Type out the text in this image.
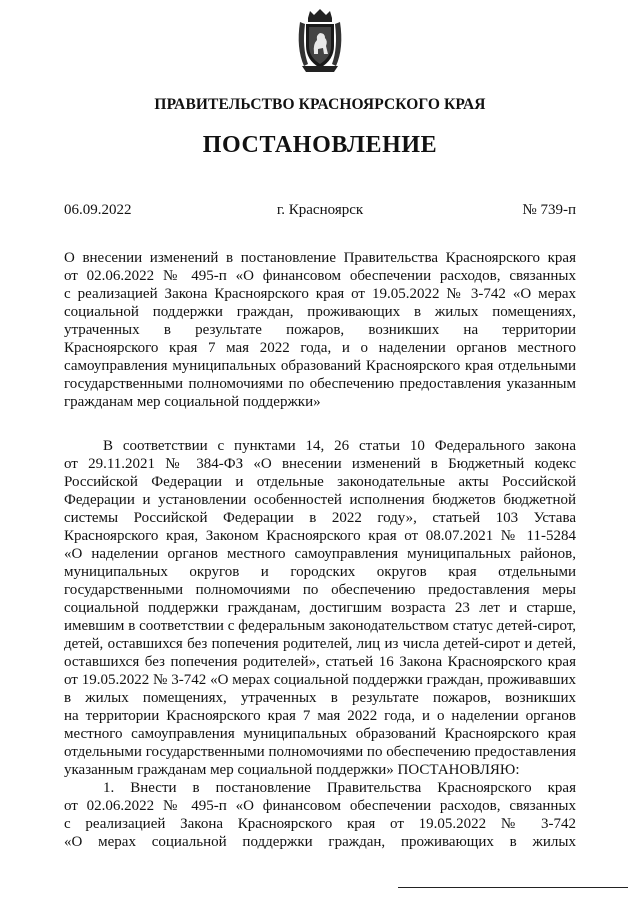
ПРАВИТЕЛЬСТВО КРАСНОЯРСКОГО КРАЯ
ПОСТАНОВЛЕНИЕ
06.09.2022	г. Красноярск	№ 739-п
О внесении изменений в постановление Правительства Красноярского края
от 02.06.2022 № 495-п «О финансовом обеспечении расходов, связанных
с реализацией Закона Красноярского края от 19.05.2022 № 3-742 «О мерах
социальной поддержки граждан, проживающих в жилых помещениях,
утраченных в результате пожаров, возникших на территории
Красноярского края 7 мая 2022 года, и о наделении органов местного
самоуправления муниципальных образований Красноярского края отдельными
государственными полномочиями по обеспечению предоставления указанным
гражданам мер социальной поддержки»
В соответствии с пунктами 14, 26 статьи 10 Федерального закона
от 29.11.2021 № 384-ФЗ «О внесении изменений в Бюджетный кодекс
Российской Федерации и отдельные законодательные акты Российской
Федерации и установлении особенностей исполнения бюджетов бюджетной
системы Российской Федерации в 2022 году», статьей 103 Устава
Красноярского края, Законом Красноярского края от 08.07.2021 № 11-5284
«О наделении органов местного самоуправления муниципальных районов,
муниципальных округов и городских округов края отдельными
государственными полномочиями по обеспечению предоставления меры
социальной поддержки гражданам, достигшим возраста 23 лет и старше,
имевшим в соответствии с федеральным законодательством статус детей-сирот,
детей, оставшихся без попечения родителей, лиц из числа детей-сирот и детей,
оставшихся без попечения родителей», статьей 16 Закона Красноярского края
от 19.05.2022 № 3-742 «О мерах социальной поддержки граждан, проживавших
в жилых помещениях, утраченных в результате пожаров, возникших
на территории Красноярского края 7 мая 2022 года, и о наделении органов
местного самоуправления муниципальных образований Красноярского края
отдельными государственными полномочиями по обеспечению предоставления
указанным гражданам мер социальной поддержки» ПОСТАНОВЛЯЮ:
1. Внести в постановление Правительства Красноярского края
от 02.06.2022 № 495-п «О финансовом обеспечении расходов, связанных
с реализацией Закона Красноярского края от 19.05.2022 № 3-742
«О мерах социальной поддержки граждан, проживающих в жилых
